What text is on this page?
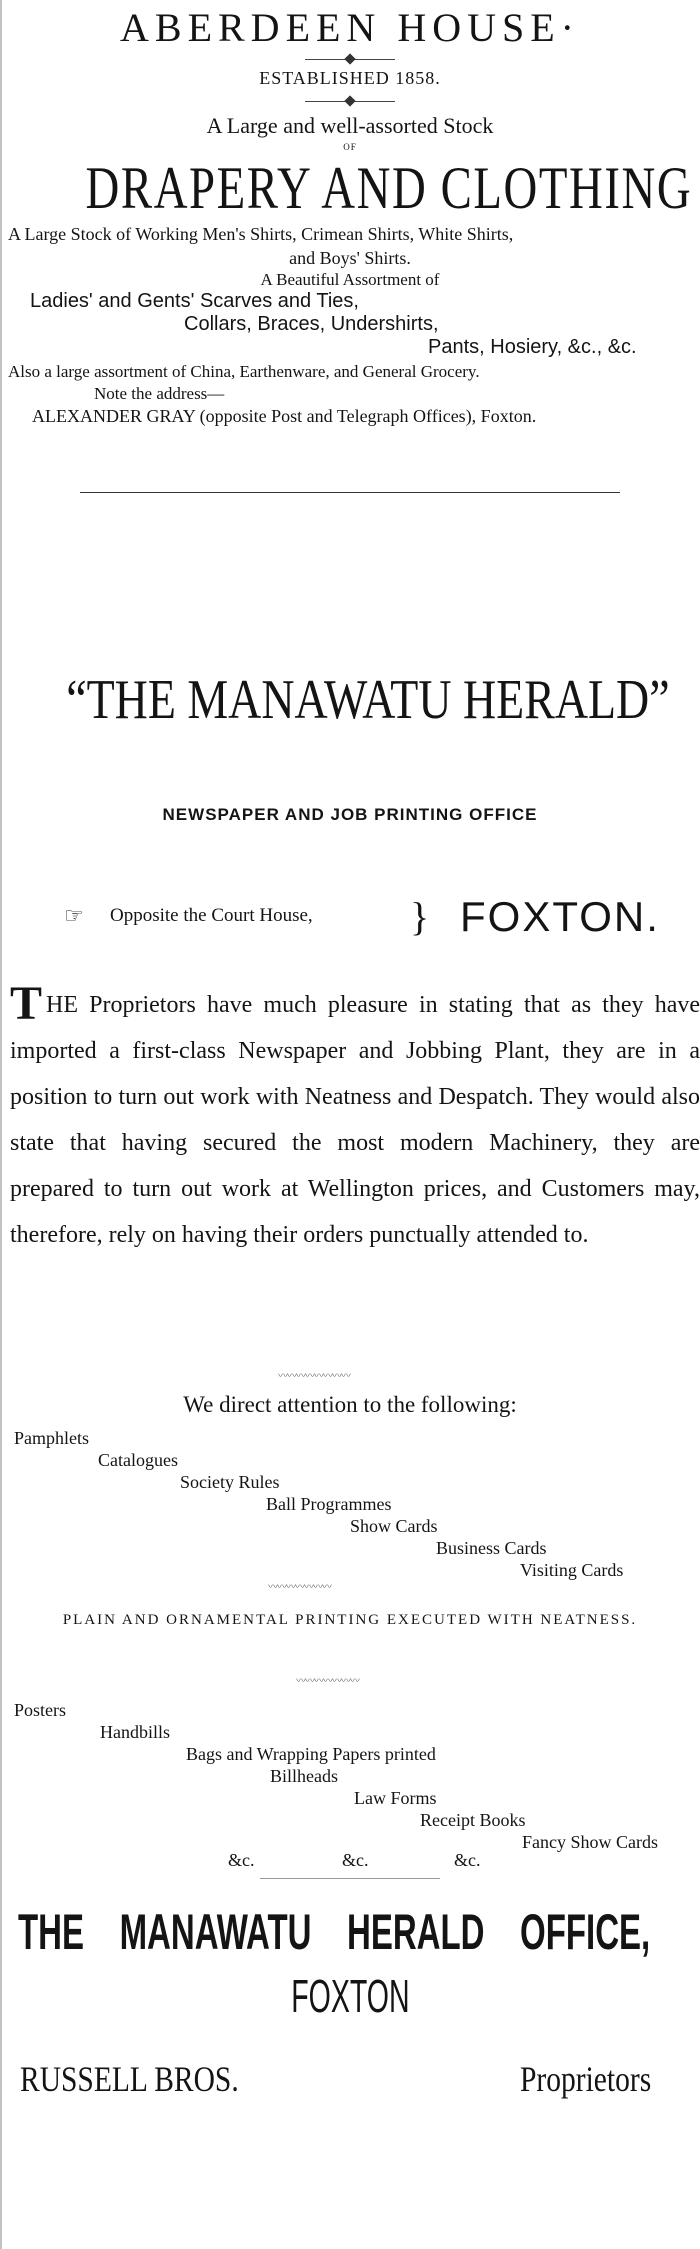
ABERDEEN HOUSE·
ESTABLISHED 1858.
A Large and well-assorted Stock
OF
DRAPERY AND CLOTHING
A Large Stock of Working Men's Shirts, Crimean Shirts, White Shirts,
and Boys' Shirts.
A Beautiful Assortment of
Ladies' and Gents' Scarves and Ties,
Collars, Braces, Undershirts,
Pants, Hosiery, &c., &c.
Also a large assortment of China, Earthenware, and General Grocery.
Note the address—
ALEXANDER GRAY (opposite Post and Telegraph Offices), Foxton.
“THE MANAWATU HERALD”
NEWSPAPER AND JOB PRINTING OFFICE
☞ Opposite the Court House, } FOXTON.
THE Proprietors have much pleasure in stating that as they have imported a first-class Newspaper and Jobbing Plant, they are in a position to turn out work with Neatness and Despatch. They would also state that having secured the most modern Machinery, they are prepared to turn out work at Wellington prices, and Customers may, therefore, rely on having their orders punctually attended to.
〰〰〰〰〰〰〰〰
We direct attention to the following:
Pamphlets
Catalogues
Society Rules
Ball Programmes
Show Cards
Business Cards
Visiting Cards
〰〰〰〰〰〰〰
PLAIN AND ORNAMENTAL PRINTING EXECUTED WITH NEATNESS.
〰〰〰〰〰〰〰
Posters
Handbills
Bags and Wrapping Papers printed
Billheads
Law Forms
Receipt Books
Fancy Show Cards
&c.	&c.	&c.
THE MANAWATU HERALD OFFICE,
FOXTON
RUSSELL BROS.	Proprietors
